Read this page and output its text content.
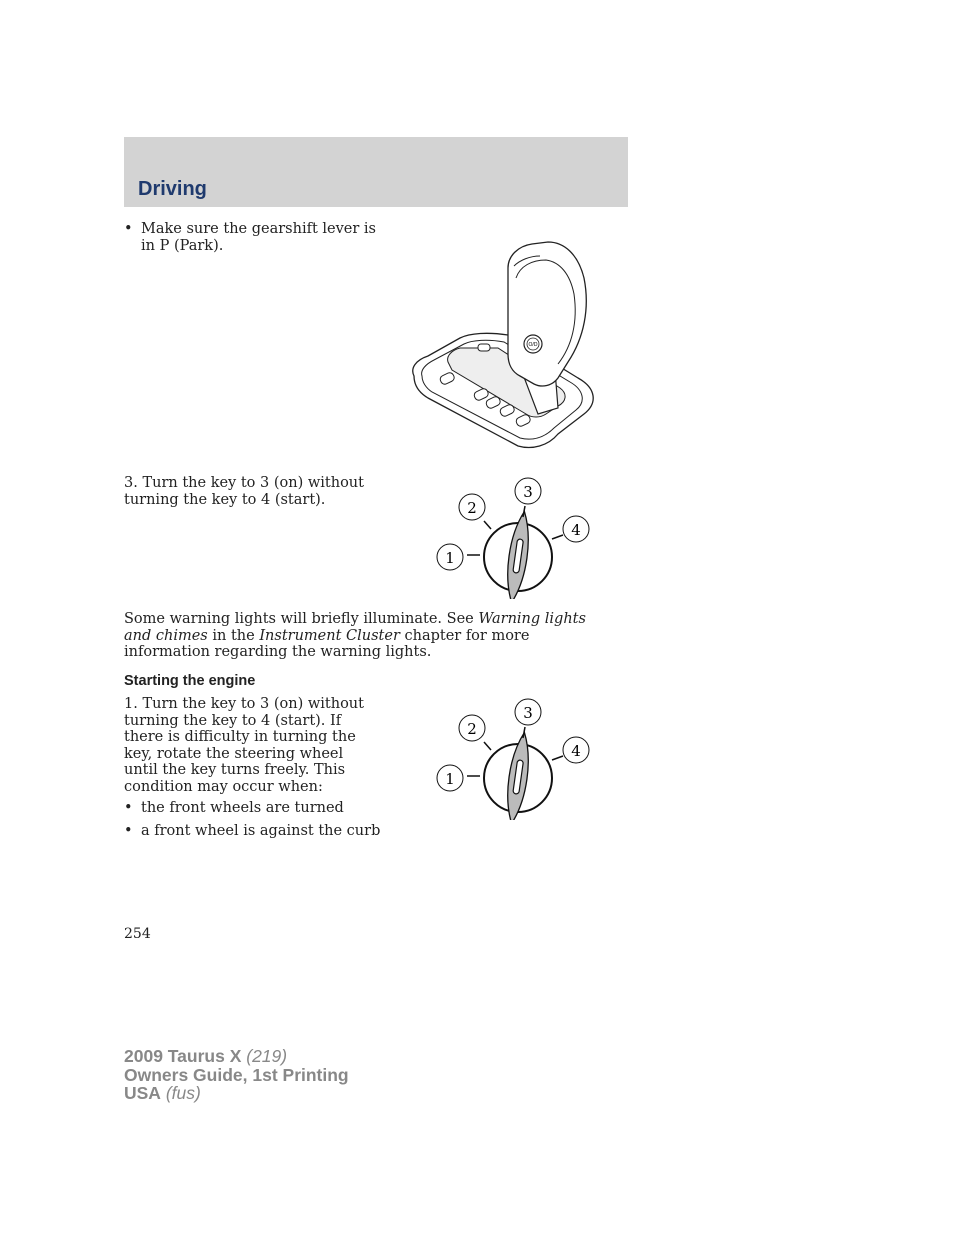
Driving
• Make sure the gearshift lever is in P (Park).
O/D
3. Turn the key to 3 (on) without turning the key to 4 (start).
1
2
3
4
Some warning lights will briefly illuminate. See Warning lights and chimes in the Instrument Cluster chapter for more information regarding the warning lights.
Starting the engine
1. Turn the key to 3 (on) without turning the key to 4 (start). If there is difficulty in turning the key, rotate the steering wheel until the key turns freely. This condition may occur when:
• the front wheels are turned
• a front wheel is against the curb
1
2
3
4
254
2009 Taurus X (219)
Owners Guide, 1st Printing
USA (fus)
